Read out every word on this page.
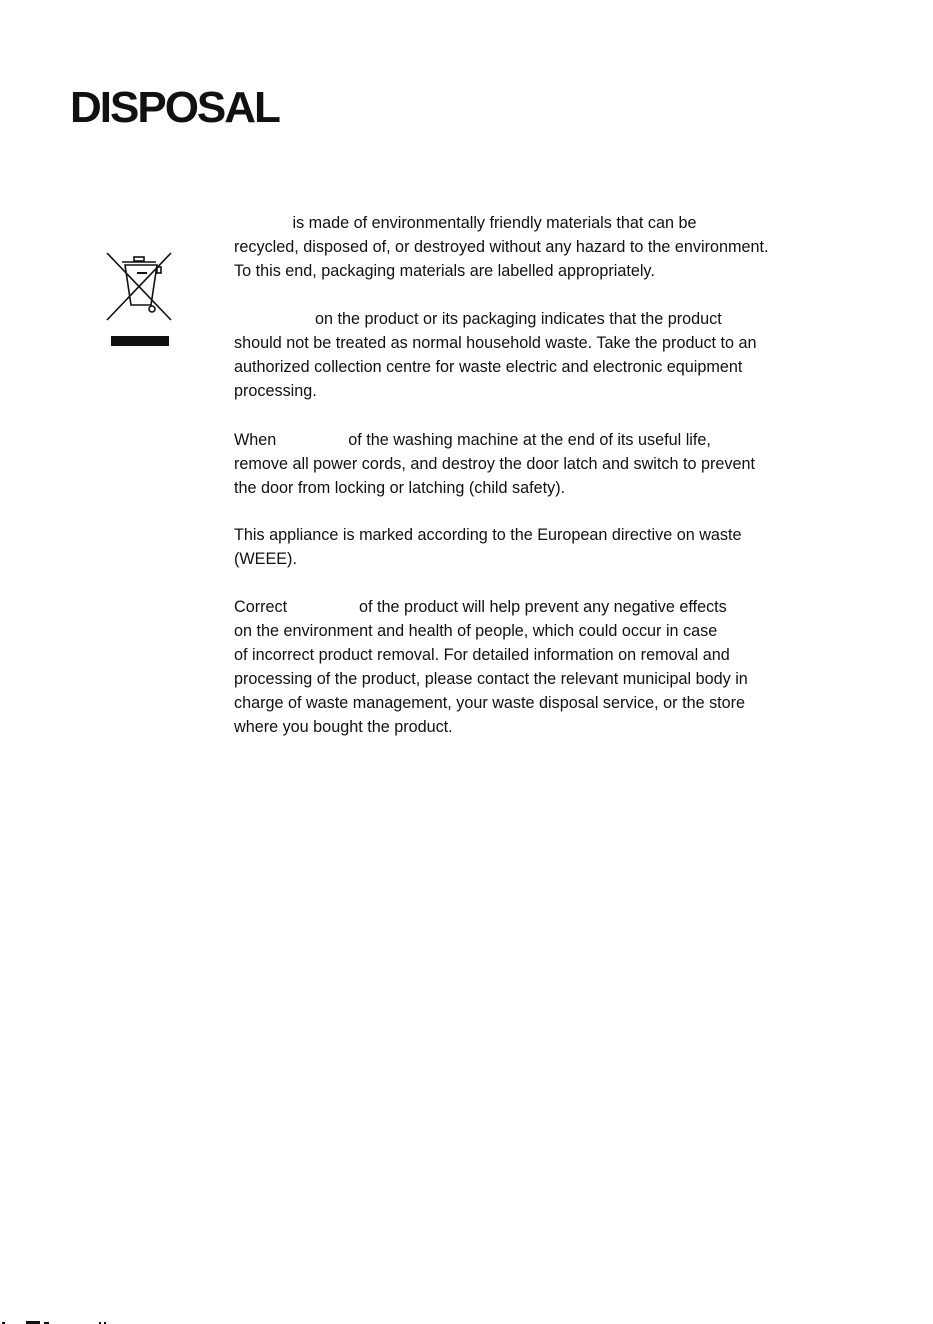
DISPOSAL

is made of environmentally friendly materials that can be
recycled, disposed of, or destroyed without any hazard to the environment.
To this end, packaging materials are labelled appropriately.

on the product or its packaging indicates that the product
should not be treated as normal household waste. Take the product to an
authorized collection centre for waste electric and electronic equipment
processing.

When                of the washing machine at the end of its useful life,
remove all power cords, and destroy the door latch and switch to prevent
the door from locking or latching (child safety).

This appliance is marked according to the European directive on waste
(WEEE).

Correct                of the product will help prevent any negative effects
on the environment and health of people, which could occur in case
of incorrect product removal. For detailed information on removal and
processing of the product, please contact the relevant municipal body in
charge of waste management, your waste disposal service, or the store
where you bought the product.
